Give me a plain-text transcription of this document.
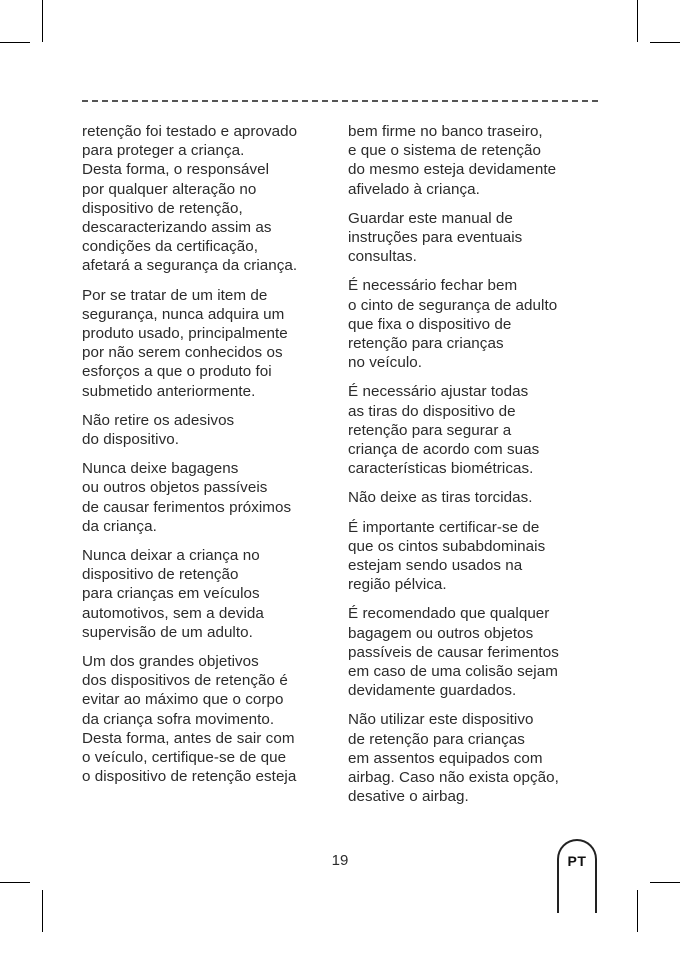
retenção foi testado e aprovado
para proteger a criança.
Desta forma, o responsável
por qualquer alteração no
dispositivo de retenção,
descaracterizando assim as
condições da certificação,
afetará a segurança da criança.

Por se tratar de um item de
segurança, nunca adquira um
produto usado, principalmente
por não serem conhecidos os
esforços a que o produto foi
submetido anteriormente.

Não retire os adesivos
do dispositivo.

Nunca deixe bagagens
ou outros objetos passíveis
de causar ferimentos próximos
da criança.

Nunca deixar a criança no
dispositivo de retenção
para crianças em veículos
automotivos, sem a devida
supervisão de um adulto.

Um dos grandes objetivos
dos dispositivos de retenção é
evitar ao máximo que o corpo
da criança sofra movimento.
Desta forma, antes de sair com
o veículo, certifique-se de que
o dispositivo de retenção esteja

bem firme no banco traseiro,
e que o sistema de retenção
do mesmo esteja devidamente
afivelado à criança.

Guardar este manual de
instruções para eventuais
consultas.

É necessário fechar bem
o cinto de segurança de adulto
que fixa o dispositivo de
retenção para crianças
no veículo.

É necessário ajustar todas
as tiras do dispositivo de
retenção para segurar a
criança de acordo com suas
características biométricas.

Não deixe as tiras torcidas.

É importante certificar-se de
que os cintos subabdominais
estejam sendo usados na
região pélvica.

É recomendado que qualquer
bagagem ou outros objetos
passíveis de causar ferimentos
em caso de uma colisão sejam
devidamente guardados.

Não utilizar este dispositivo
de retenção para crianças
em assentos equipados com
airbag. Caso não exista opção,
desative o airbag.

19	PT
